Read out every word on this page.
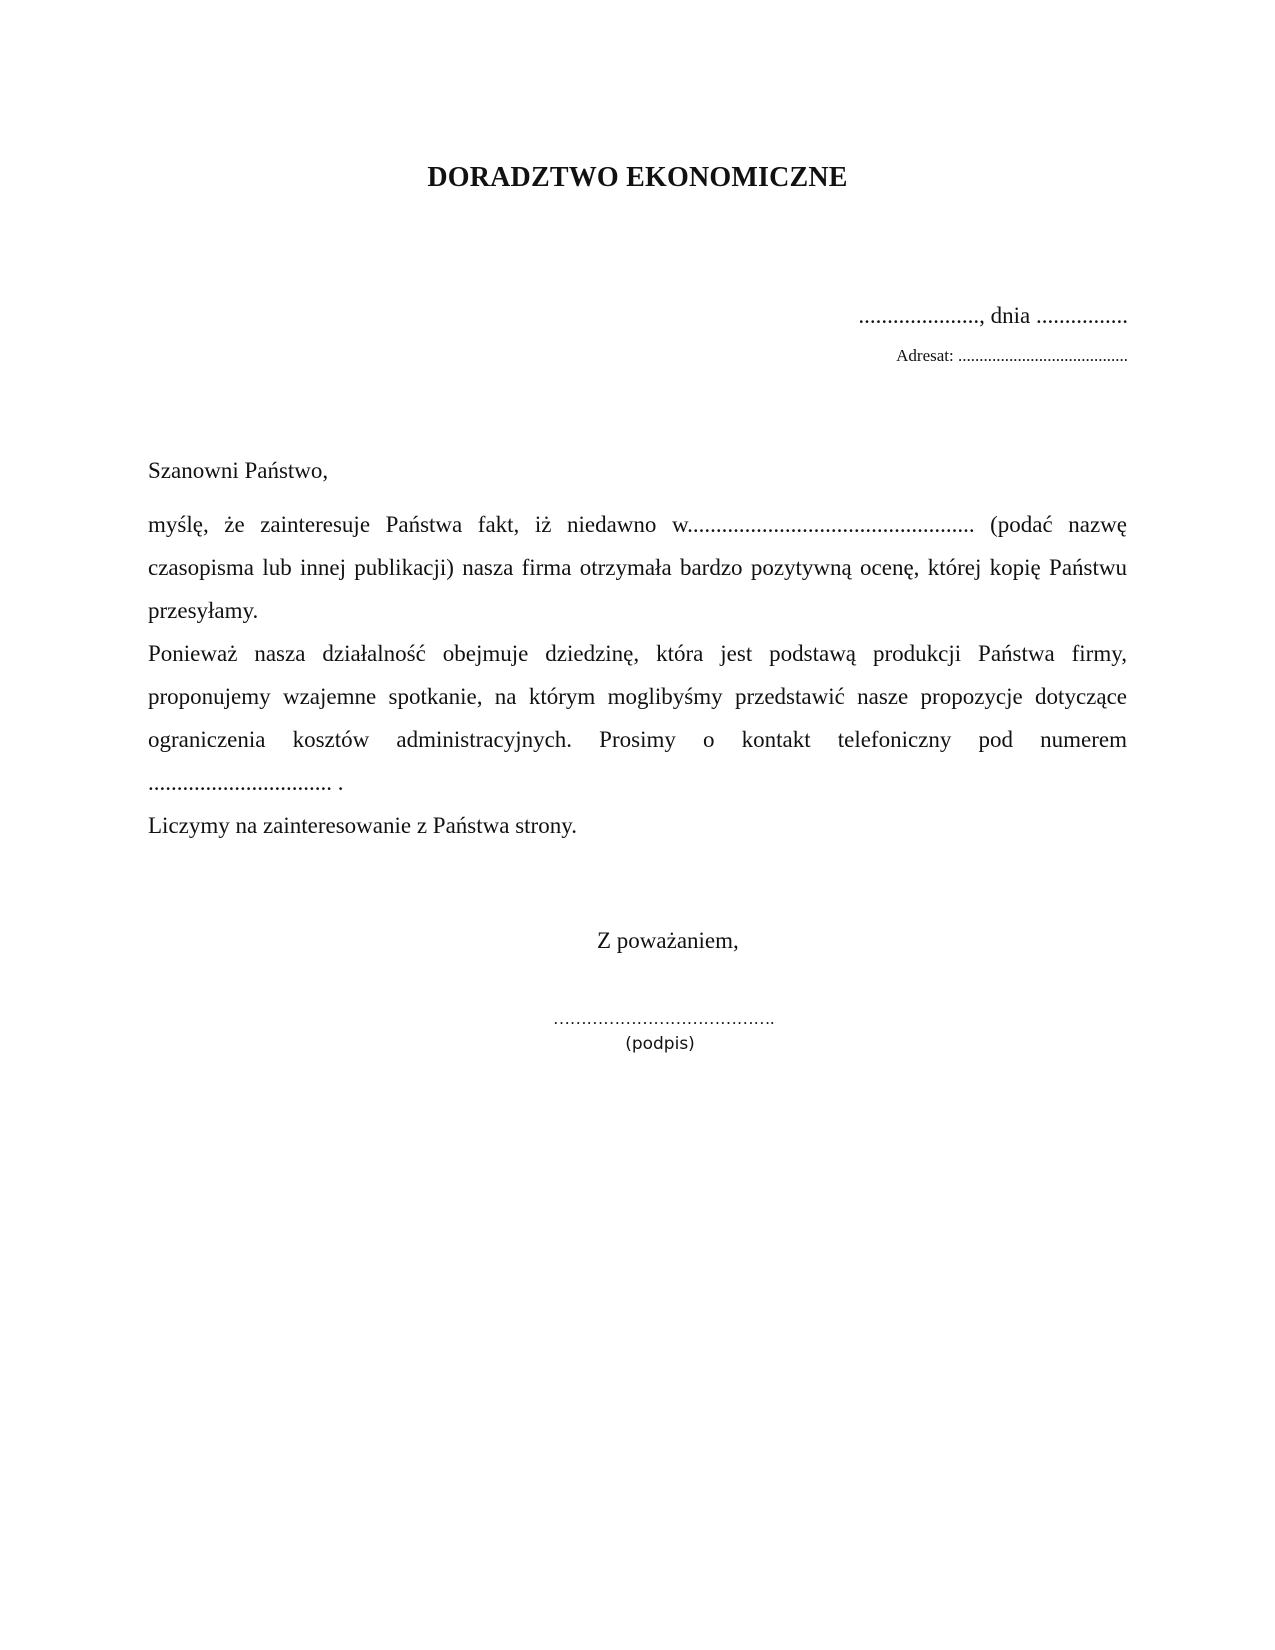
DORADZTWO EKONOMICZNE
....................., dnia ................
Adresat: ........................................
Szanowni Państwo,

myślę, że zainteresuje Państwa fakt, iż niedawno w.................................................. (podać nazwę czasopisma lub innej publikacji) nasza firma otrzymała bardzo pozytywną ocenę, której kopię Państwu przesyłamy.

Ponieważ nasza działalność obejmuje dziedzinę, która jest podstawą produkcji Państwa firmy, proponujemy wzajemne spotkanie, na którym moglibyśmy przedstawić nasze propozycje dotyczące ograniczenia kosztów administracyjnych. Prosimy o kontakt telefoniczny pod numerem ................................ .

Liczymy na zainteresowanie z Państwa strony.

Z poważaniem,
………………………………….
(podpis)
